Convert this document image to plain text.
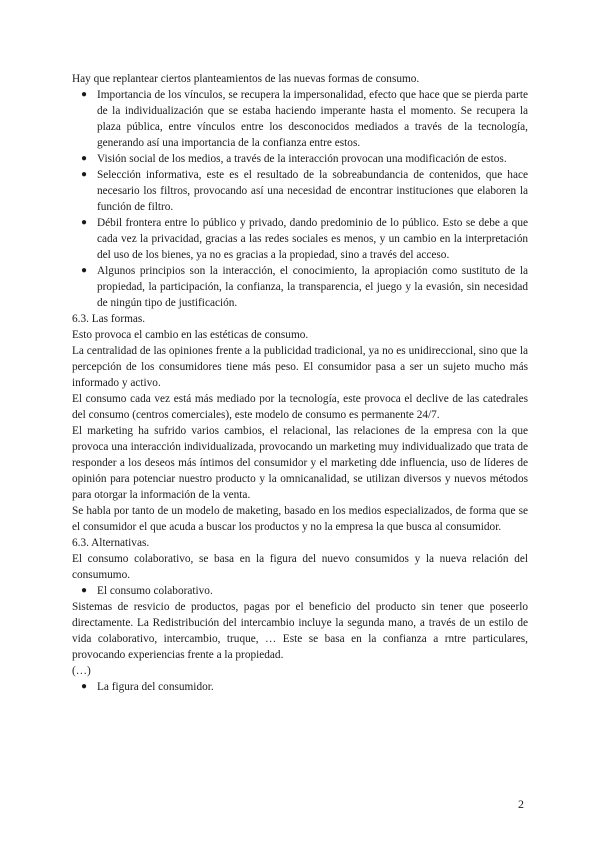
Hay que replantear ciertos planteamientos de las nuevas formas de consumo.

● Importancia de los vínculos, se recupera la impersonalidad, efecto que hace que se pierda parte de la individualización que se estaba haciendo imperante hasta el momento. Se recupera la plaza pública, entre vínculos entre los desconocidos mediados a través de la tecnología, generando así una importancia de la confianza entre estos.
● Visión social de los medios, a través de la interacción provocan una modificación de estos.
● Selección informativa, este es el resultado de la sobreabundancia de contenidos, que hace necesario los filtros, provocando así una necesidad de encontrar instituciones que elaboren la función de filtro.
● Débil frontera entre lo público y privado, dando predominio de lo público. Esto se debe a que cada vez la privacidad, gracias a las redes sociales es menos, y un cambio en la interpretación del uso de los bienes, ya no es gracias a la propiedad, sino a través del acceso.
● Algunos principios son la interacción, el conocimiento, la apropiación como sustituto de la propiedad, la participación, la confianza, la transparencia, el juego y la evasión, sin necesidad de ningún tipo de justificación.

6.3. Las formas.

Esto provoca el cambio en las estéticas de consumo.

La centralidad de las opiniones frente a la publicidad tradicional, ya no es unidireccional, sino que la percepción de los consumidores tiene más peso. El consumidor pasa a ser un sujeto mucho más informado y activo.

El consumo cada vez está más mediado por la tecnología, este provoca el declive de las catedrales del consumo (centros comerciales), este modelo de consumo es permanente 24/7.

El marketing ha sufrido varios cambios, el relacional, las relaciones de la empresa con la que provoca una interacción individualizada, provocando un marketing muy individualizado que trata de responder a los deseos más íntimos del consumidor y el marketing dde influencia, uso de líderes de opinión para potenciar nuestro producto y la omnicanalidad, se utilizan diversos y nuevos métodos para otorgar la información de la venta.

Se habla por tanto de un modelo de maketing, basado en los medios especializados, de forma que se el consumidor el que acuda a buscar los productos y no la empresa la que busca al consumidor.

6.3. Alternativas.

El consumo colaborativo, se basa en la figura del nuevo consumidos y la nueva relación del consumumo.

● El consumo colaborativo.

Sistemas de resvicio de productos, pagas por el beneficio del producto sin tener que poseerlo directamente. La Redistribución del intercambio incluye la segunda mano, a través de un estilo de vida colaborativo, intercambio, truque, … Este se basa en la confianza a rntre particulares, provocando experiencias frente a la propiedad.

(…)

● La figura del consumidor.
2
